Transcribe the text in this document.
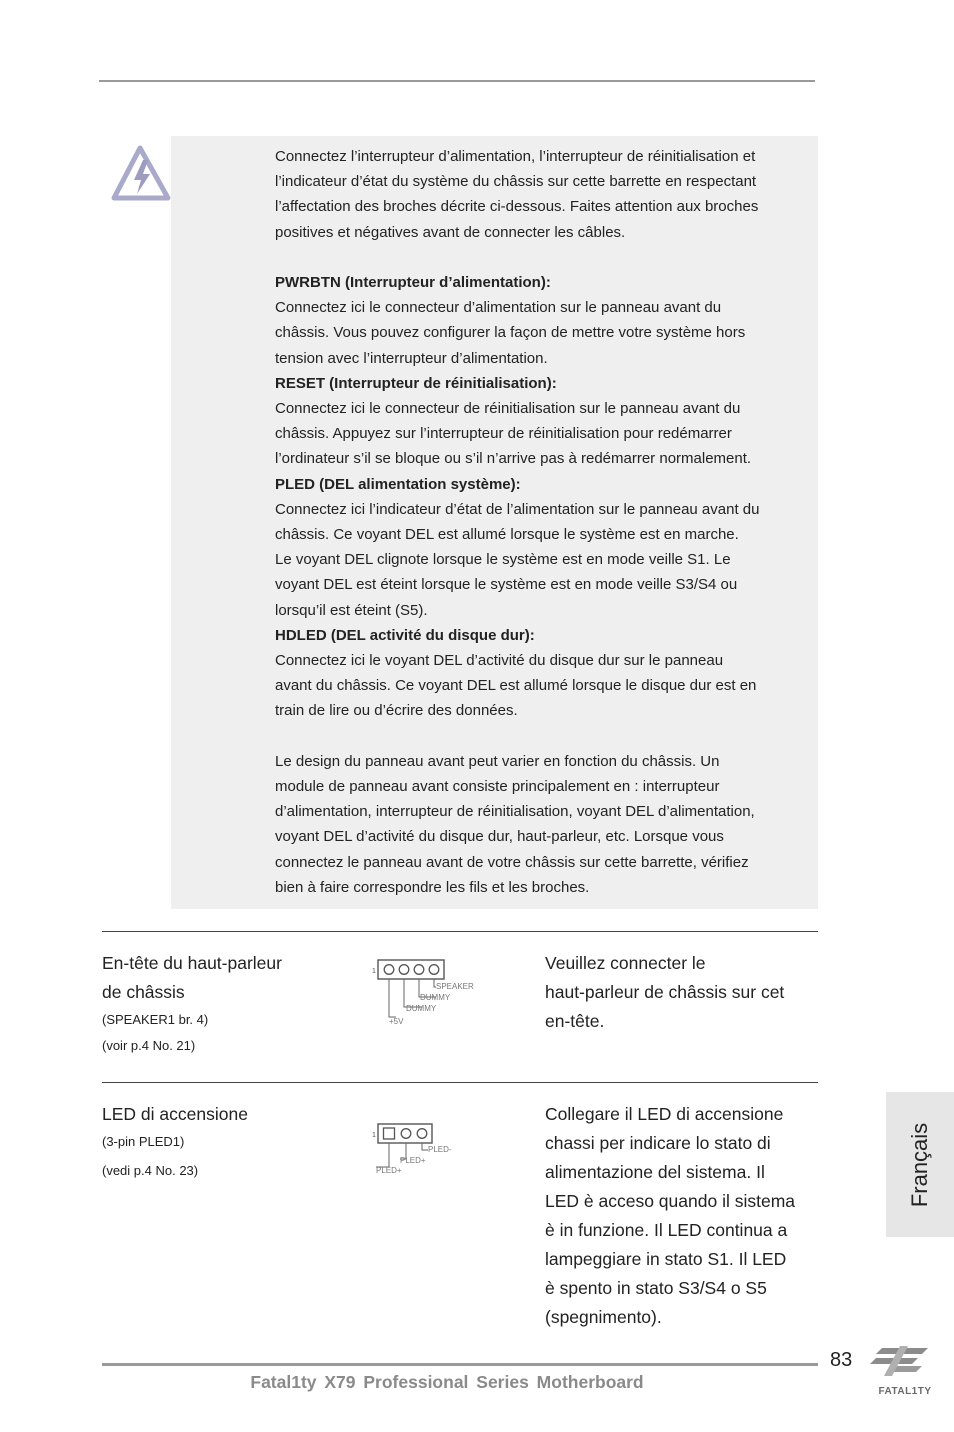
Connectez l’interrupteur d’alimentation, l’interrupteur de réinitialisation et

l’indicateur d’état du système du châssis sur cette barrette en respectant

l’affectation des broches décrite ci-dessous. Faites attention aux broches

positives et négatives avant de connecter les câbles.

PWRBTN (Interrupteur d’alimentation):

Connectez ici le connecteur d’alimentation sur le panneau avant du

châssis. Vous pouvez configurer la façon de mettre votre système hors

tension avec l’interrupteur d’alimentation.

RESET (Interrupteur de réinitialisation):

Connectez ici le connecteur de réinitialisation sur le panneau avant du

châssis. Appuyez sur l’interrupteur de réinitialisation pour redémarrer

l’ordinateur s’il se bloque ou s’il n’arrive pas à redémarrer normalement.

PLED (DEL alimentation système):

Connectez ici l’indicateur d’état de l’alimentation sur le panneau avant du

châssis. Ce voyant DEL est allumé lorsque le système est en marche.

Le voyant DEL clignote lorsque le système est en mode veille S1. Le

voyant DEL est éteint lorsque le système est en mode veille S3/S4 ou

lorsqu’il est éteint (S5).

HDLED (DEL activité du disque dur):

Connectez ici le voyant DEL d’activité du disque dur sur le panneau

avant du châssis. Ce voyant DEL est allumé lorsque le disque dur est en

train de lire ou d’écrire des données.

Le design du panneau avant peut varier en fonction du châssis. Un

module de panneau avant consiste principalement en : interrupteur

d’alimentation, interrupteur de réinitialisation, voyant DEL d’alimentation,

voyant DEL d’activité du disque dur, haut-parleur, etc. Lorsque vous

connectez le panneau avant de votre châssis sur cette barrette, vérifiez

bien à faire correspondre les fils et les broches.

En-tête du haut-parleur
de châssis
(SPEAKER1 br. 4)
(voir p.4 No. 21)
1
SPEAKER
DUMMY
DUMMY
+5V
Veuillez connecter le
haut-parleur de châssis sur cet
en-tête.
LED di accensione
(3-pin PLED1)
(vedi p.4 No. 23)
1
PLED-
PLED+
PLED+
Collegare il LED di accensione
chassi per indicare lo stato di
alimentazione del sistema. Il
LED è acceso quando il sistema
è in funzione. Il LED continua a
lampeggiare in stato S1. Il LED
è spento in stato S3/S4 o S5
(spegnimento).
Français
83
Fatal1ty X79 Professional Series Motherboard	FATAL1TY
